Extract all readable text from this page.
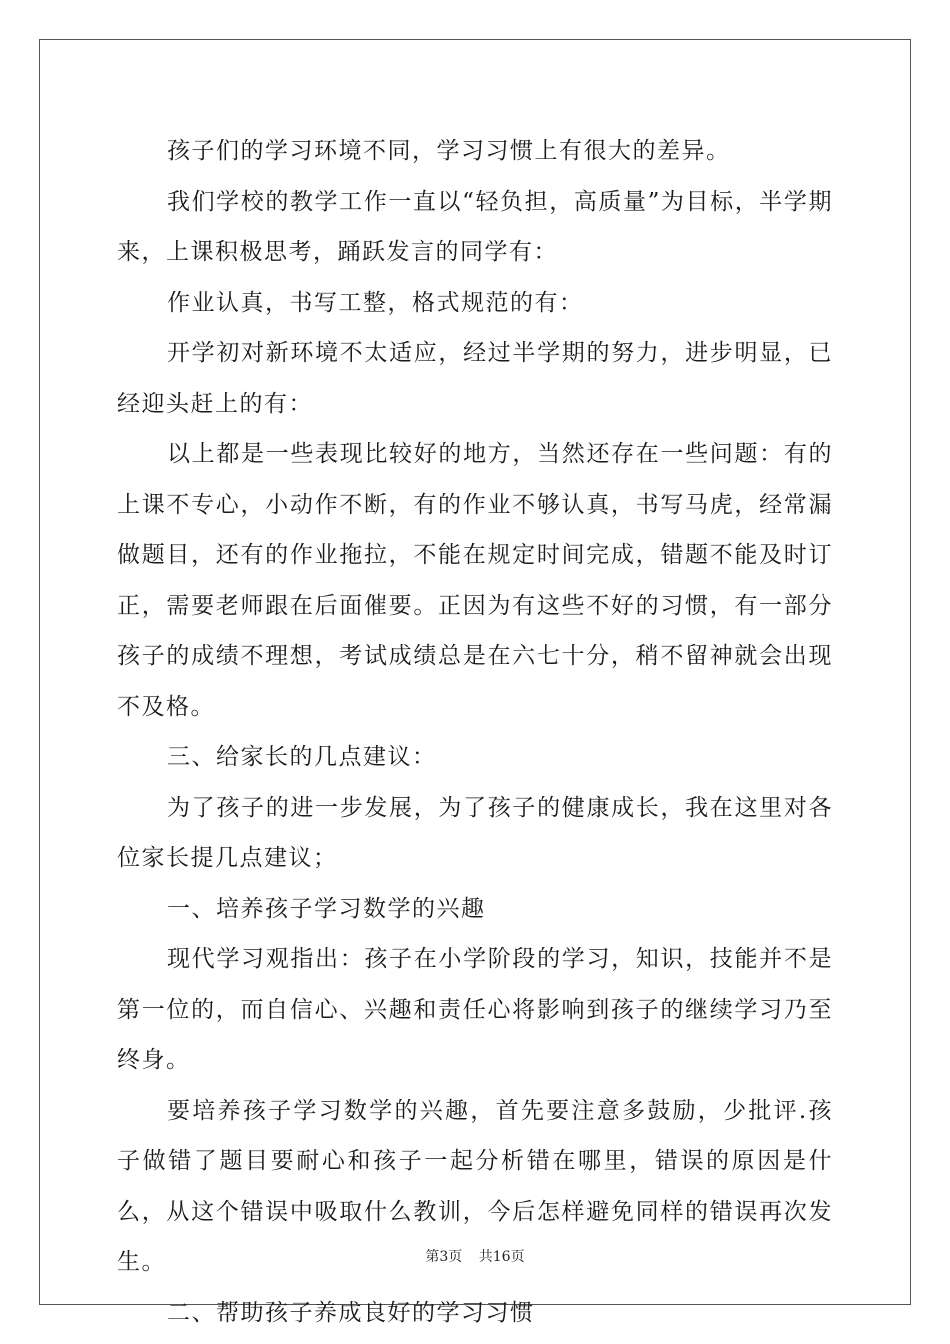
孩子们的学习环境不同，学习习惯上有很大的差异。

我们学校的教学工作一直以“轻负担，高质量”为目标，半学期来，上课积极思考，踊跃发言的同学有：

作业认真，书写工整，格式规范的有：

开学初对新环境不太适应，经过半学期的努力，进步明显，已经迎头赶上的有：

以上都是一些表现比较好的地方，当然还存在一些问题：有的上课不专心，小动作不断，有的作业不够认真，书写马虎，经常漏做题目，还有的作业拖拉，不能在规定时间完成，错题不能及时订正，需要老师跟在后面催要。正因为有这些不好的习惯，有一部分孩子的成绩不理想，考试成绩总是在六七十分，稍不留神就会出现不及格。

三、给家长的几点建议：

为了孩子的进一步发展，为了孩子的健康成长，我在这里对各位家长提几点建议；

一、培养孩子学习数学的兴趣

现代学习观指出：孩子在小学阶段的学习，知识，技能并不是第一位的，而自信心、兴趣和责任心将影响到孩子的继续学习乃至终身。

要培养孩子学习数学的兴趣，首先要注意多鼓励，少批评.孩子做错了题目要耐心和孩子一起分析错在哪里，错误的原因是什么，从这个错误中吸取什么教训，今后怎样避免同样的错误再次发生。

二、帮助孩子养成良好的学习习惯

第3页 共16页
